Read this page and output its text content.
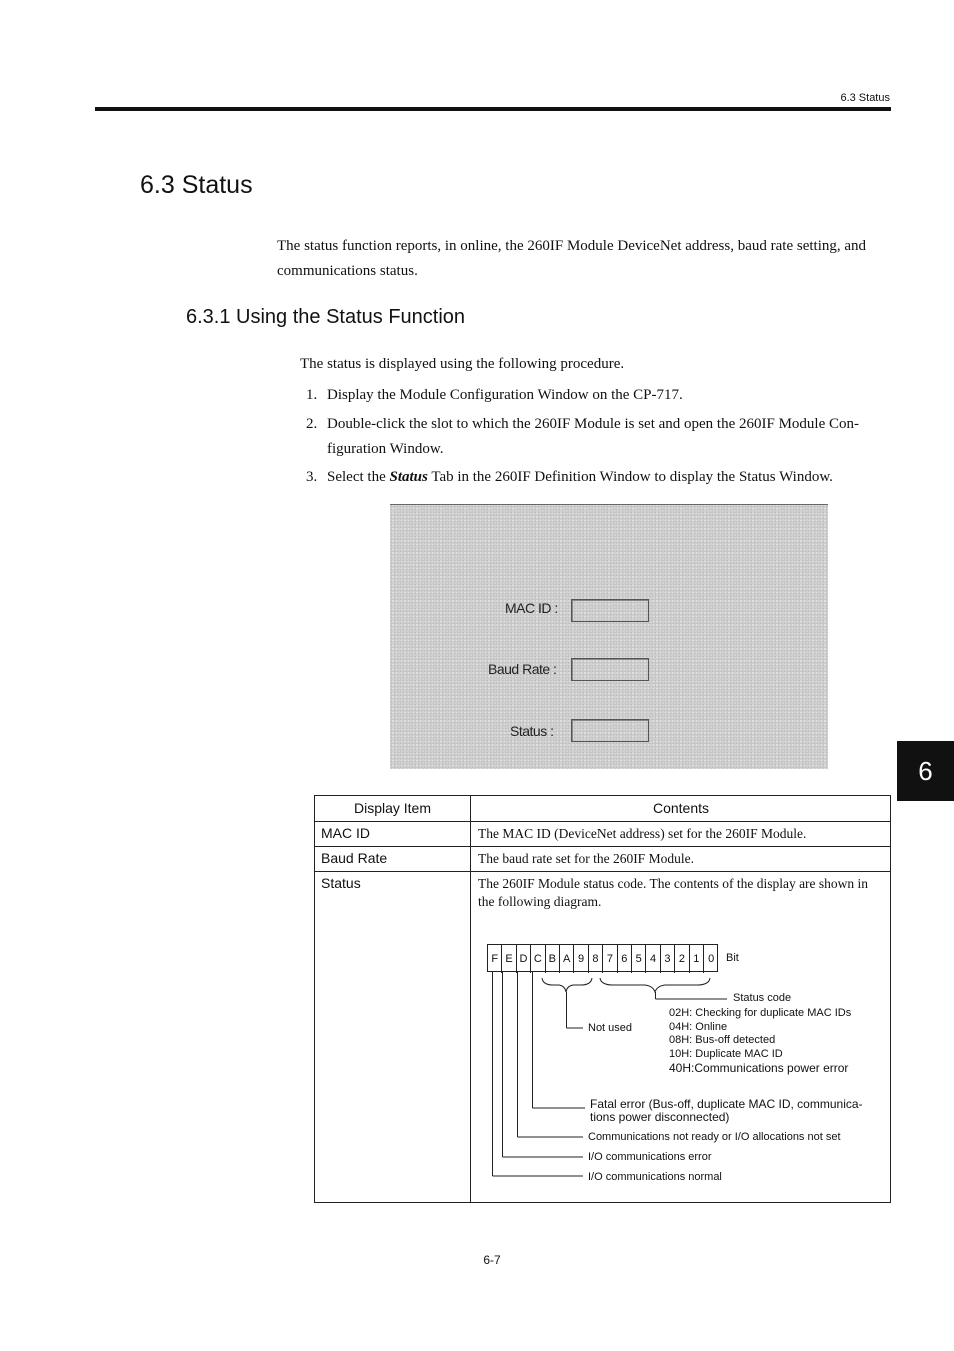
6.3 Status
6.3 Status
The status function reports, in online, the 260IF Module DeviceNet address, baud rate setting, and communications status.
6.3.1 Using the Status Function
The status is displayed using the following procedure.
1. Display the Module Configuration Window on the CP-717.
2. Double-click the slot to which the 260IF Module is set and open the 260IF Module Con-figuration Window.
3. Select the Status Tab in the 260IF Definition Window to display the Status Window.
MAC ID :
Baud Rate :
Status :
Display Item	Contents
MAC ID	The MAC ID (DeviceNet address) set for the 260IF Module.
Baud Rate	The baud rate set for the 260IF Module.
Status	The 260IF Module status code. The contents of the display are shown in the following diagram.
F E D C B A 9 8 7 6 5 4 3 2 1 0	Bit
Status code
Not used
02H: Checking for duplicate MAC IDs
04H: Online
08H: Bus-off detected
10H: Duplicate MAC ID
40H:Communications power error
Fatal error (Bus-off, duplicate MAC ID, communica-
tions power disconnected)
Communications not ready or I/O allocations not set
I/O communications error
I/O communications normal
6
6-7
